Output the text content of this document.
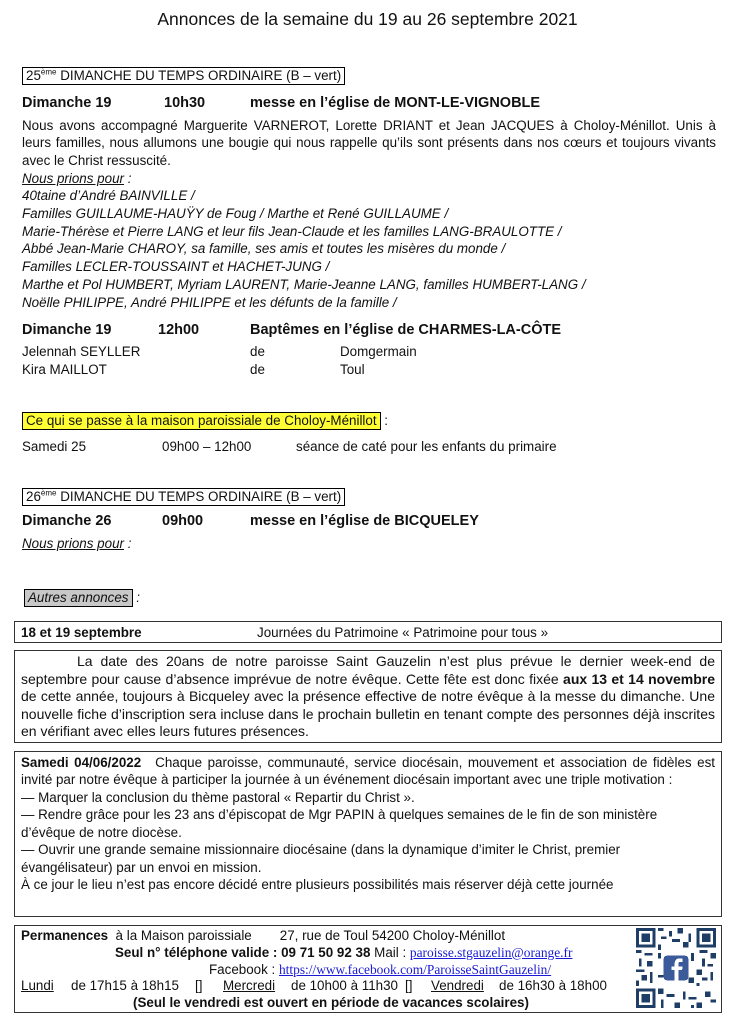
Annonces de la semaine du 19 au 26 septembre 2021
25ème DIMANCHE DU TEMPS ORDINAIRE (B – vert)
Dimanche 19	10h30	messe en l’église de MONT-LE-VIGNOBLE
Nous avons accompagné Marguerite VARNEROT, Lorette DRIANT et Jean JACQUES à Choloy-Ménillot. Unis à leurs familles, nous allumons une bougie qui nous rappelle qu’ils sont présents dans nos cœurs et toujours vivants avec le Christ ressuscité.
Nous prions pour :
40taine d’André BAINVILLE /
Familles GUILLAUME-HAUŸY de Foug / Marthe et René GUILLAUME /
Marie-Thérèse et Pierre LANG et leur fils Jean-Claude et les familles LANG-BRAULOTTE /
Abbé Jean-Marie CHAROY, sa famille, ses amis et toutes les misères du monde /
Familles LECLER-TOUSSAINT et HACHET-JUNG /
Marthe et Pol HUMBERT, Myriam LAURENT, Marie-Jeanne LANG, familles HUMBERT-LANG /
Noëlle PHILIPPE, André PHILIPPE et les défunts de la famille /
Dimanche 19	12h00	Baptêmes en l’église de CHARMES-LA-CÔTE
Jelennah SEYLLER	de	Domgermain
Kira MAILLOT	de	Toul
Ce qui se passe à la maison paroissiale de Choloy-Ménillot :
Samedi 25	09h00 – 12h00	séance de caté pour les enfants du primaire
26ème DIMANCHE DU TEMPS ORDINAIRE (B – vert)
Dimanche 26	09h00	messe en l’église de BICQUELEY
Nous prions pour :
Autres annonces :
18 et 19 septembre	Journées du Patrimoine « Patrimoine pour tous »

La date des 20ans de notre paroisse Saint Gauzelin n’est plus prévue le dernier week-end de septembre pour cause d’absence imprévue de notre évêque. Cette fête est donc fixée aux 13 et 14 novembre de cette année, toujours à Bicqueley avec la présence effective de notre évêque à la messe du dimanche. Une nouvelle fiche d’inscription sera incluse dans le prochain bulletin en tenant compte des personnes déjà inscrites en vérifiant avec elles leurs futures présences.

Samedi 04/06/2022 Chaque paroisse, communauté, service diocésain, mouvement et association de fidèles est invité par notre évêque à participer la journée à un événement diocésain important avec une triple motivation :

— Marquer la conclusion du thème pastoral « Repartir du Christ ».
— Rendre grâce pour les 23 ans d’épiscopat de Mgr PAPIN à quelques semaines de le fin de son ministère d’évêque de notre diocèse.
— Ouvrir une grande semaine missionnaire diocésaine (dans la dynamique d’imiter le Christ, premier évangélisateur) par un envoi en mission.
À ce jour le lieu n’est pas encore décidé entre plusieurs possibilités mais réserver déjà cette journée
Permanences à la Maison paroissiale 27, rue de Toul 54200 Choloy-Ménillot
Seul n° téléphone valide : 09 71 50 92 38 Mail : paroisse.stgauzelin@orange.fr
Facebook : https://www.facebook.com/ParoisseSaintGauzelin/
Lundi	de 17h15 à 18h15	[]	Mercredi	de 10h00 à 11h30 []	Vendredi	de 16h30 à 18h00
(Seul le vendredi est ouvert en période de vacances scolaires)
